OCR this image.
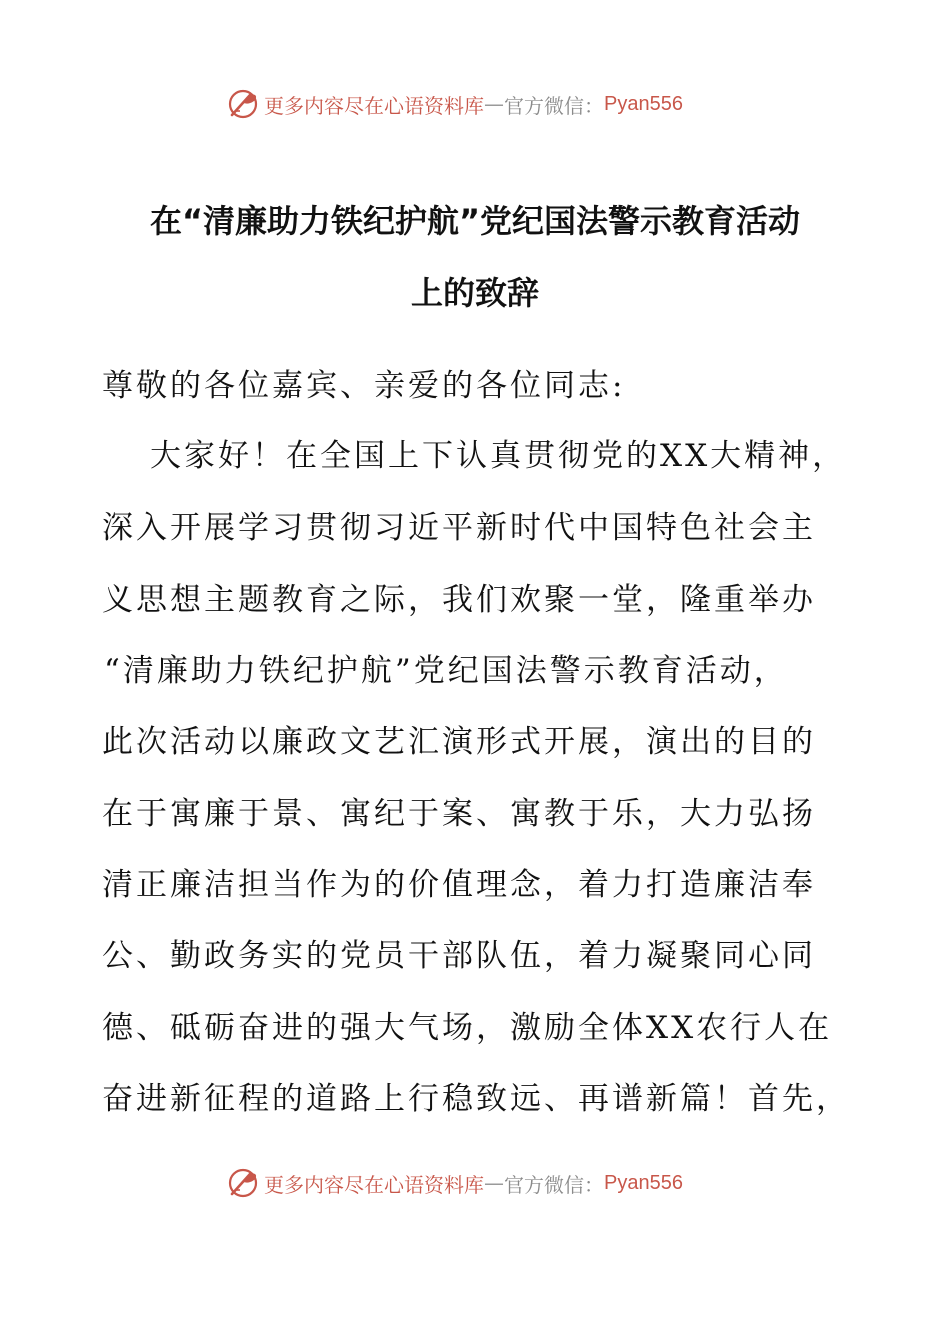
更多内容尽在心语资料库 — 官方微信： Pyan556
在“清廉助力铁纪护航”党纪国法警示教育活动
上的致辞
尊敬的各位嘉宾、亲爱的各位同志:
大家好！在全国上下认真贯彻党的XX大精神，
深入开展学习贯彻习近平新时代中国特色社会主
义思想主题教育之际，我们欢聚一堂，隆重举办
“清廉助力铁纪护航”党纪国法警示教育活动，
此次活动以廉政文艺汇演形式开展，演出的目的
在于寓廉于景、寓纪于案、寓教于乐，大力弘扬
清正廉洁担当作为的价值理念，着力打造廉洁奉
公、勤政务实的党员干部队伍，着力凝聚同心同
德、砥砺奋进的强大气场，激励全体XX农行人在
奋进新征程的道路上行稳致远、再谱新篇！首先，
更多内容尽在心语资料库 — 官方微信： Pyan556
